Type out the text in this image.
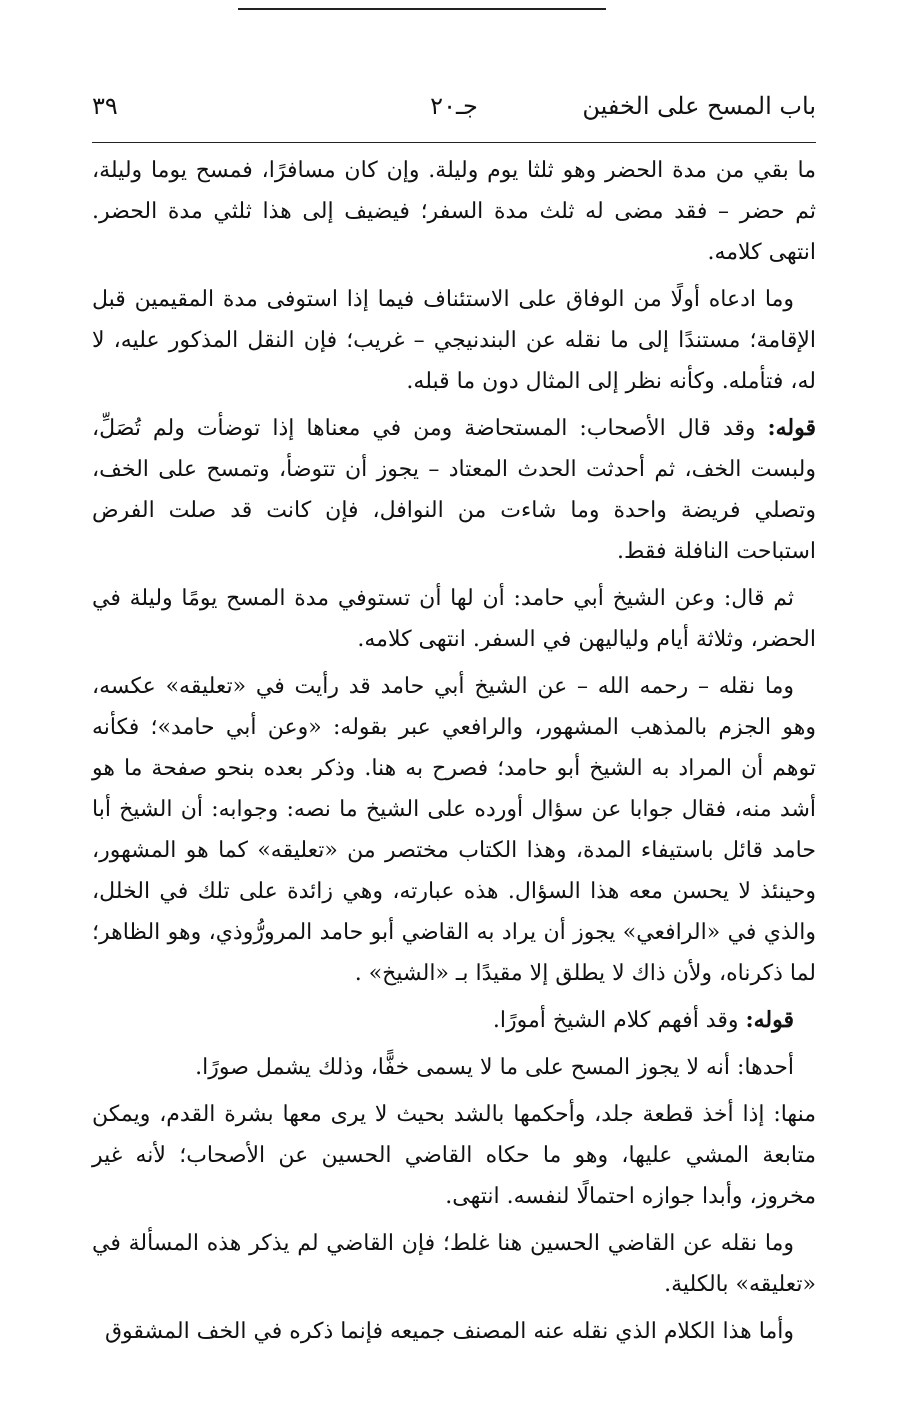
باب المسح على الخفين
جـ٢٠
٣٩

ما بقي من مدة الحضر وهو ثلثا يوم وليلة. وإن كان مسافرًا، فمسح يوما وليلة، ثم حضر – فقد مضى له ثلث مدة السفر؛ فيضيف إلى هذا ثلثي مدة الحضر. انتهى كلامه.

وما ادعاه أولًا من الوفاق على الاستئناف فيما إذا استوفى مدة المقيمين قبل الإقامة؛ مستندًا إلى ما نقله عن البندنيجي – غريب؛ فإن النقل المذكور عليه، لا له، فتأمله. وكأنه نظر إلى المثال دون ما قبله.

قوله: وقد قال الأصحاب: المستحاضة ومن في معناها إذا توضأت ولم تُصَلِّ، ولبست الخف، ثم أحدثت الحدث المعتاد – يجوز أن تتوضأ، وتمسح على الخف، وتصلي فريضة واحدة وما شاءت من النوافل، فإن كانت قد صلت الفرض استباحت النافلة فقط.

ثم قال: وعن الشيخ أبي حامد: أن لها أن تستوفي مدة المسح يومًا وليلة في الحضر، وثلاثة أيام ولياليهن في السفر. انتهى كلامه.

وما نقله – رحمه الله – عن الشيخ أبي حامد قد رأيت في «تعليقه» عكسه، وهو الجزم بالمذهب المشهور، والرافعي عبر بقوله: «وعن أبي حامد»؛ فكأنه توهم أن المراد به الشيخ أبو حامد؛ فصرح به هنا. وذكر بعده بنحو صفحة ما هو أشد منه، فقال جوابا عن سؤال أورده على الشيخ ما نصه: وجوابه: أن الشيخ أبا حامد قائل باستيفاء المدة، وهذا الكتاب مختصر من «تعليقه» كما هو المشهور، وحينئذ لا يحسن معه هذا السؤال. هذه عبارته، وهي زائدة على تلك في الخلل، والذي في «الرافعي» يجوز أن يراد به القاضي أبو حامد المرورُّوذي، وهو الظاهر؛ لما ذكرناه، ولأن ذاك لا يطلق إلا مقيدًا بـ «الشيخ» .

قوله: وقد أفهم كلام الشيخ أمورًا.

أحدها: أنه لا يجوز المسح على ما لا يسمى خفًّا، وذلك يشمل صورًا.

منها: إذا أخذ قطعة جلد، وأحكمها بالشد بحيث لا يرى معها بشرة القدم، ويمكن متابعة المشي عليها، وهو ما حكاه القاضي الحسين عن الأصحاب؛ لأنه غير مخروز، وأبدا جوازه احتمالًا لنفسه. انتهى.

وما نقله عن القاضي الحسين هنا غلط؛ فإن القاضي لم يذكر هذه المسألة في «تعليقه» بالكلية.

وأما هذا الكلام الذي نقله عنه المصنف جميعه فإنما ذكره في الخف المشقوق
